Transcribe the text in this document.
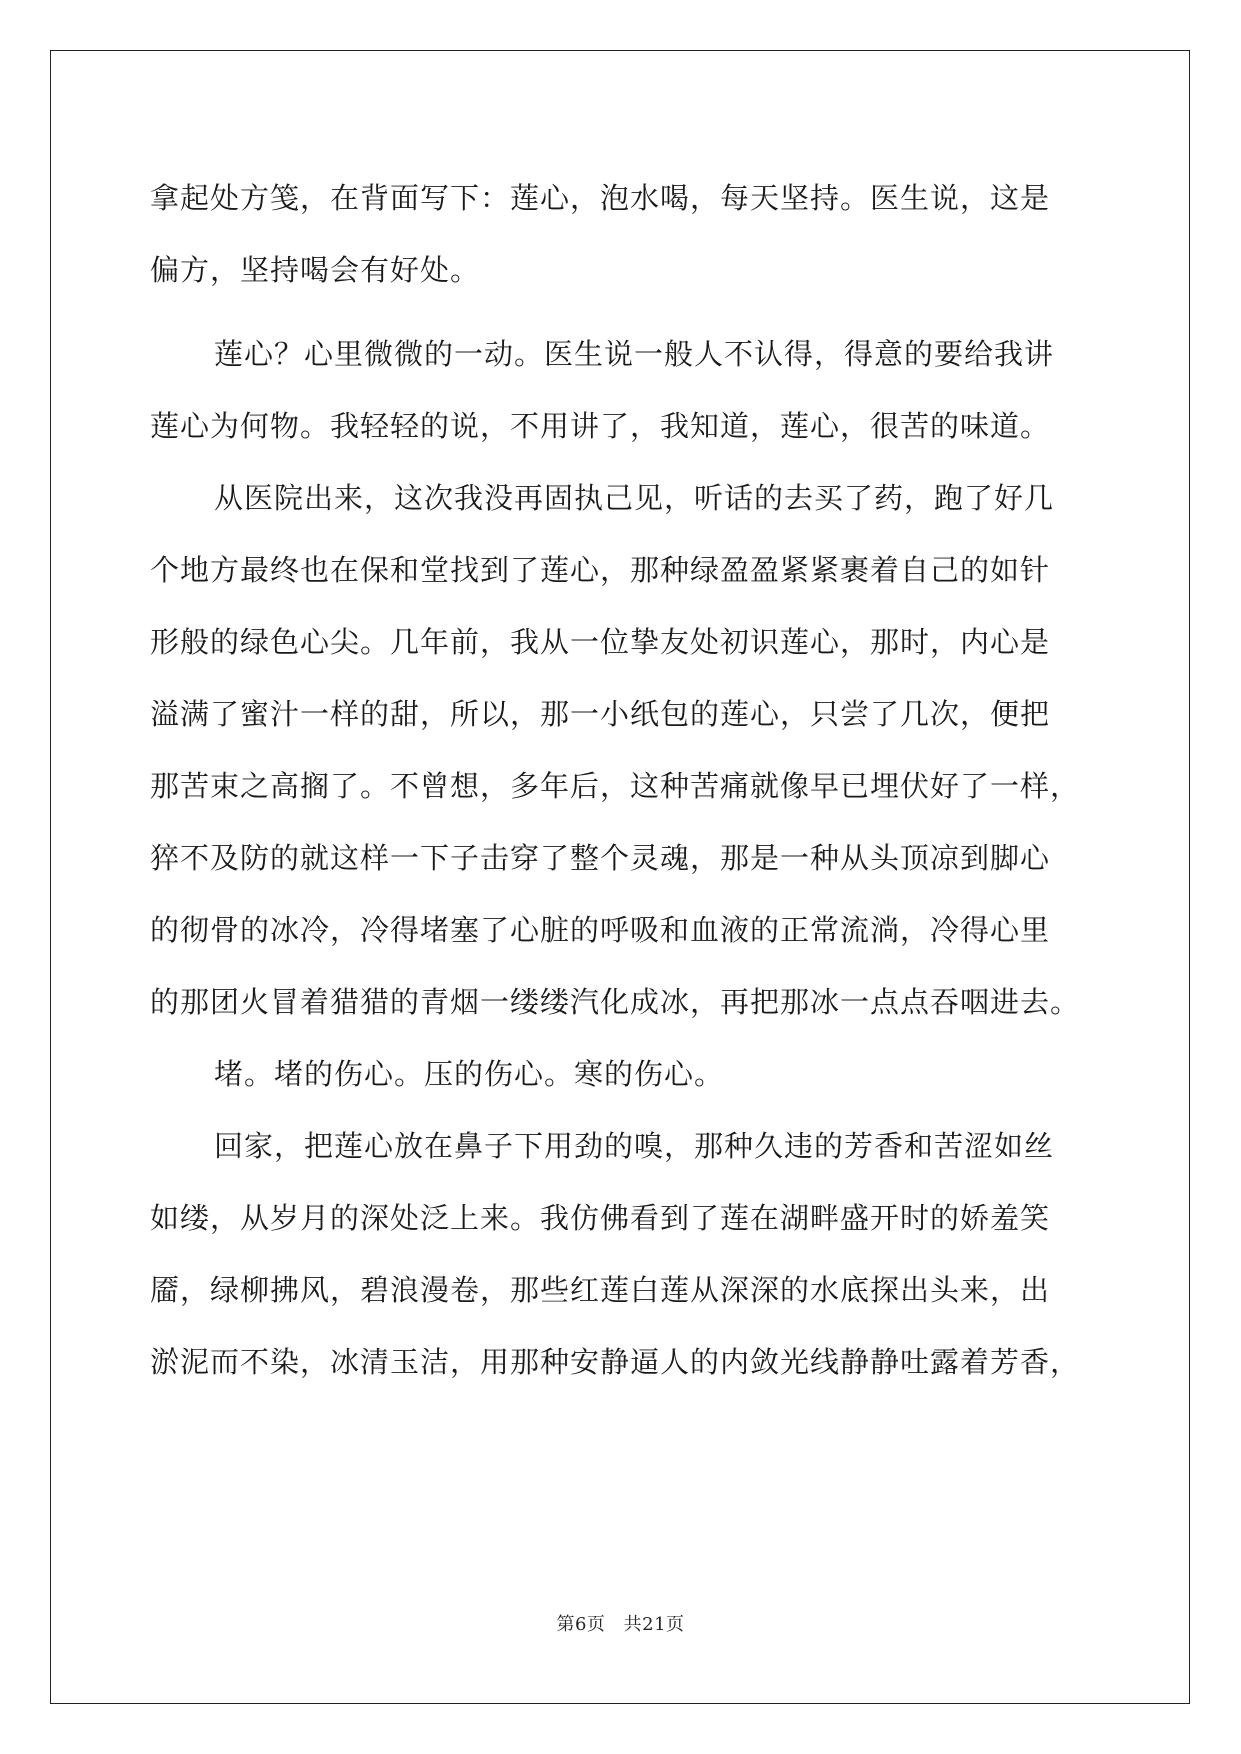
拿起处方笺，在背面写下：莲心，泡水喝，每天坚持。医生说，这是
偏方，坚持喝会有好处。
莲心？心里微微的一动。医生说一般人不认得，得意的要给我讲
莲心为何物。我轻轻的说，不用讲了，我知道，莲心，很苦的味道。
从医院出来，这次我没再固执己见，听话的去买了药，跑了好几
个地方最终也在保和堂找到了莲心，那种绿盈盈紧紧裹着自己的如针
形般的绿色心尖。几年前，我从一位挚友处初识莲心，那时，内心是
溢满了蜜汁一样的甜，所以，那一小纸包的莲心，只尝了几次，便把
那苦束之高搁了。不曾想，多年后，这种苦痛就像早已埋伏好了一样，
猝不及防的就这样一下子击穿了整个灵魂，那是一种从头顶凉到脚心
的彻骨的冰冷，冷得堵塞了心脏的呼吸和血液的正常流淌，冷得心里
的那团火冒着猎猎的青烟一缕缕汽化成冰，再把那冰一点点吞咽进去。
堵。堵的伤心。压的伤心。寒的伤心。
回家，把莲心放在鼻子下用劲的嗅，那种久违的芳香和苦涩如丝
如缕，从岁月的深处泛上来。我仿佛看到了莲在湖畔盛开时的娇羞笑
靥，绿柳拂风，碧浪漫卷，那些红莲白莲从深深的水底探出头来，出
淤泥而不染，冰清玉洁，用那种安静逼人的内敛光线静静吐露着芳香，
第6页 共21页
